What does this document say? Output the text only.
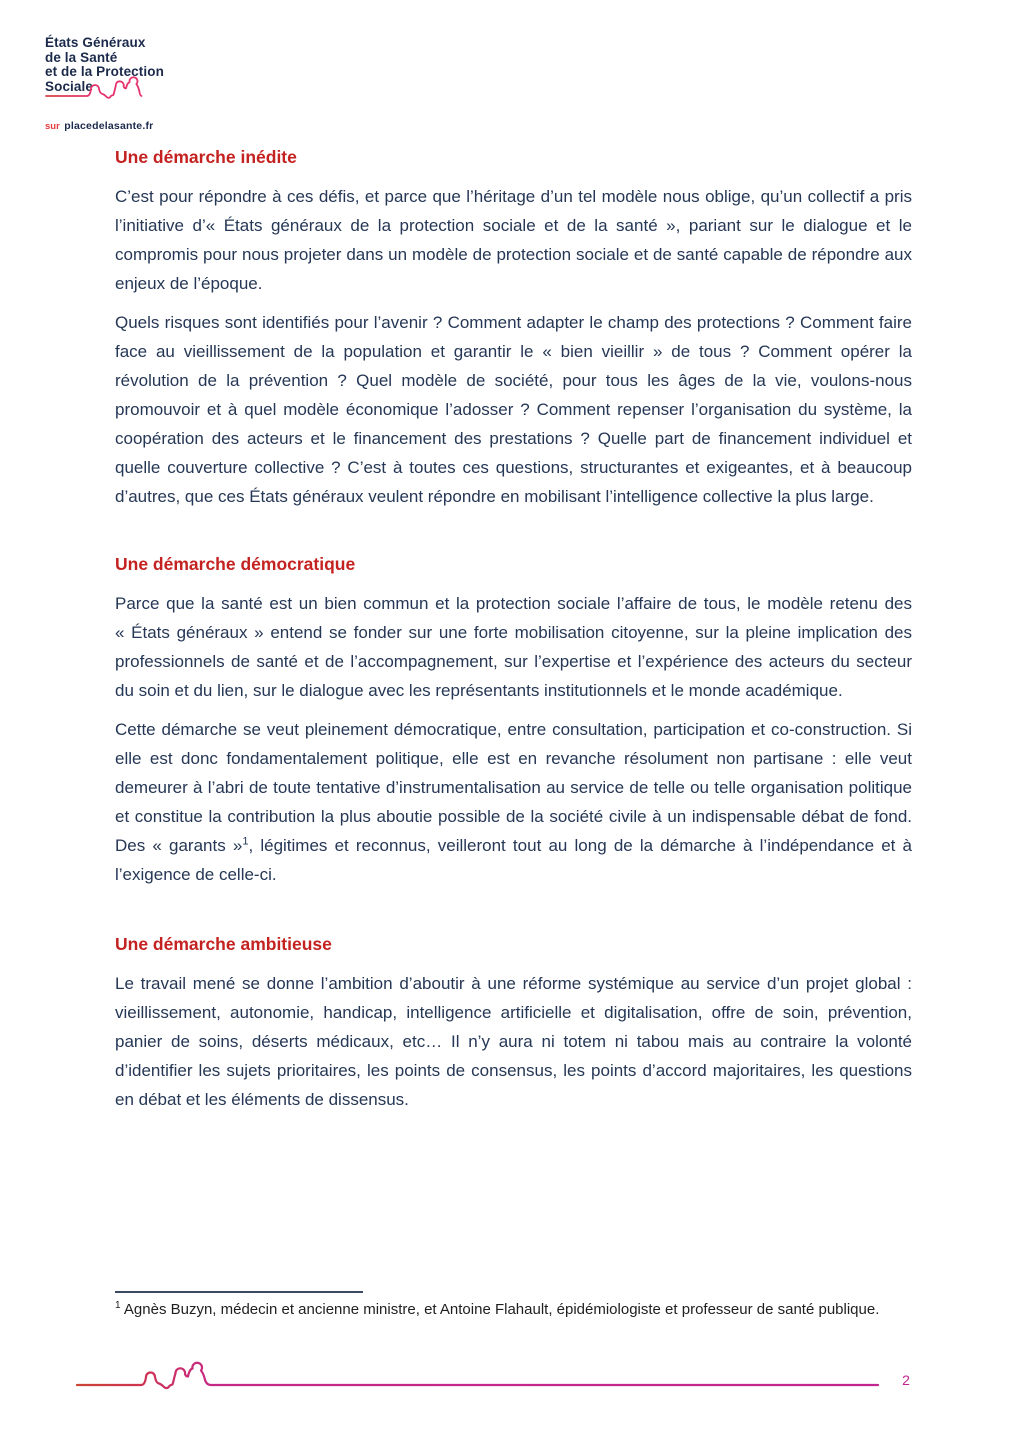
États Généraux
de la Santé
et de la Protection
Sociale
sur placedelasante.fr
Une démarche inédite

C’est pour répondre à ces défis, et parce que l’héritage d’un tel modèle nous oblige, qu’un collectif a pris l’initiative d’« États généraux de la protection sociale et de la santé », pariant sur le dialogue et le compromis pour nous projeter dans un modèle de protection sociale et de santé capable de répondre aux enjeux de l’époque.

Quels risques sont identifiés pour l’avenir ? Comment adapter le champ des protections ? Comment faire face au vieillissement de la population et garantir le « bien vieillir » de tous ? Comment opérer la révolution de la prévention ? Quel modèle de société, pour tous les âges de la vie, voulons-nous promouvoir et à quel modèle économique l’adosser ? Comment repenser l’organisation du système, la coopération des acteurs et le financement des prestations ? Quelle part de financement individuel et quelle couverture collective ? C’est à toutes ces questions, structurantes et exigeantes, et à beaucoup d’autres, que ces États généraux veulent répondre en mobilisant l’intelligence collective la plus large.

Une démarche démocratique

Parce que la santé est un bien commun et la protection sociale l’affaire de tous, le modèle retenu des « États généraux » entend se fonder sur une forte mobilisation citoyenne, sur la pleine implication des professionnels de santé et de l’accompagnement, sur l’expertise et l’expérience des acteurs du secteur du soin et du lien, sur le dialogue avec les représentants institutionnels et le monde académique.

Cette démarche se veut pleinement démocratique, entre consultation, participation et co-construction. Si elle est donc fondamentalement politique, elle est en revanche résolument non partisane : elle veut demeurer à l’abri de toute tentative d’instrumentalisation au service de telle ou telle organisation politique et constitue la contribution la plus aboutie possible de la société civile à un indispensable débat de fond. Des « garants »$^1$, légitimes et reconnus, veilleront tout au long de la démarche à l’indépendance et à l’exigence de celle-ci.

Une démarche ambitieuse

Le travail mené se donne l’ambition d’aboutir à une réforme systémique au service d’un projet global : vieillissement, autonomie, handicap, intelligence artificielle et digitalisation, offre de soin, prévention, panier de soins, déserts médicaux, etc… Il n’y aura ni totem ni tabou mais au contraire la volonté d’identifier les sujets prioritaires, les points de consensus, les points d’accord majoritaires, les questions en débat et les éléments de dissensus.

$^1$ Agnès Buzyn, médecin et ancienne ministre, et Antoine Flahault, épidémiologiste et professeur de santé publique.

2
